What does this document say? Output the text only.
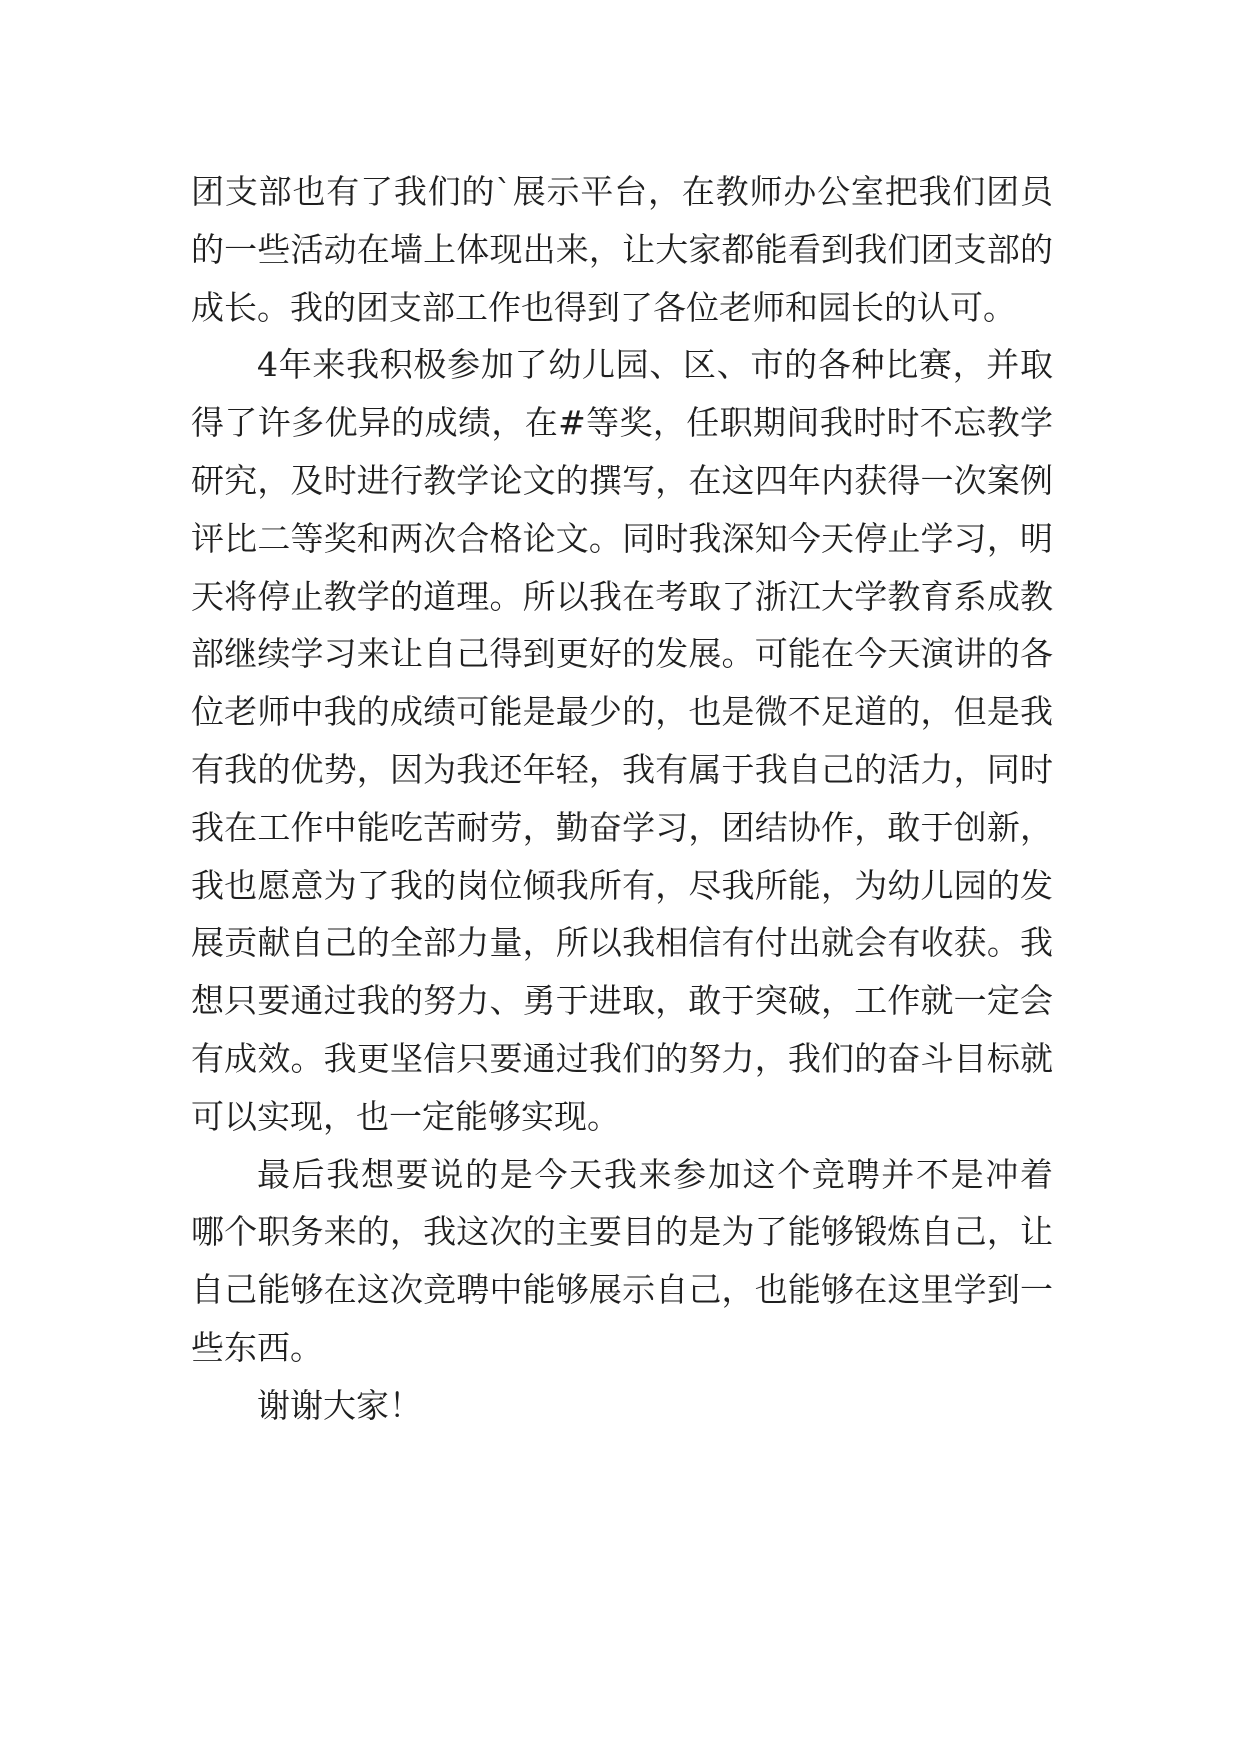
团支部也有了我们的`展示平台，在教师办公室把我们团员
的一些活动在墙上体现出来，让大家都能看到我们团支部的
成长。我的团支部工作也得到了各位老师和园长的认可。
4年来我积极参加了幼儿园、区、市的各种比赛，并取
得了许多优异的成绩，在#等奖，任职期间我时时不忘教学
研究，及时进行教学论文的撰写，在这四年内获得一次案例
评比二等奖和两次合格论文。同时我深知今天停止学习，明
天将停止教学的道理。所以我在考取了浙江大学教育系成教
部继续学习来让自己得到更好的发展。可能在今天演讲的各
位老师中我的成绩可能是最少的，也是微不足道的，但是我
有我的优势，因为我还年轻，我有属于我自己的活力，同时
我在工作中能吃苦耐劳，勤奋学习，团结协作，敢于创新，
我也愿意为了我的岗位倾我所有，尽我所能，为幼儿园的发
展贡献自己的全部力量，所以我相信有付出就会有收获。我
想只要通过我的努力、勇于进取，敢于突破，工作就一定会
有成效。我更坚信只要通过我们的努力，我们的奋斗目标就
可以实现，也一定能够实现。
最后我想要说的是今天我来参加这个竞聘并不是冲着
哪个职务来的，我这次的主要目的是为了能够锻炼自己，让
自己能够在这次竞聘中能够展示自己，也能够在这里学到一
些东西。
谢谢大家！
